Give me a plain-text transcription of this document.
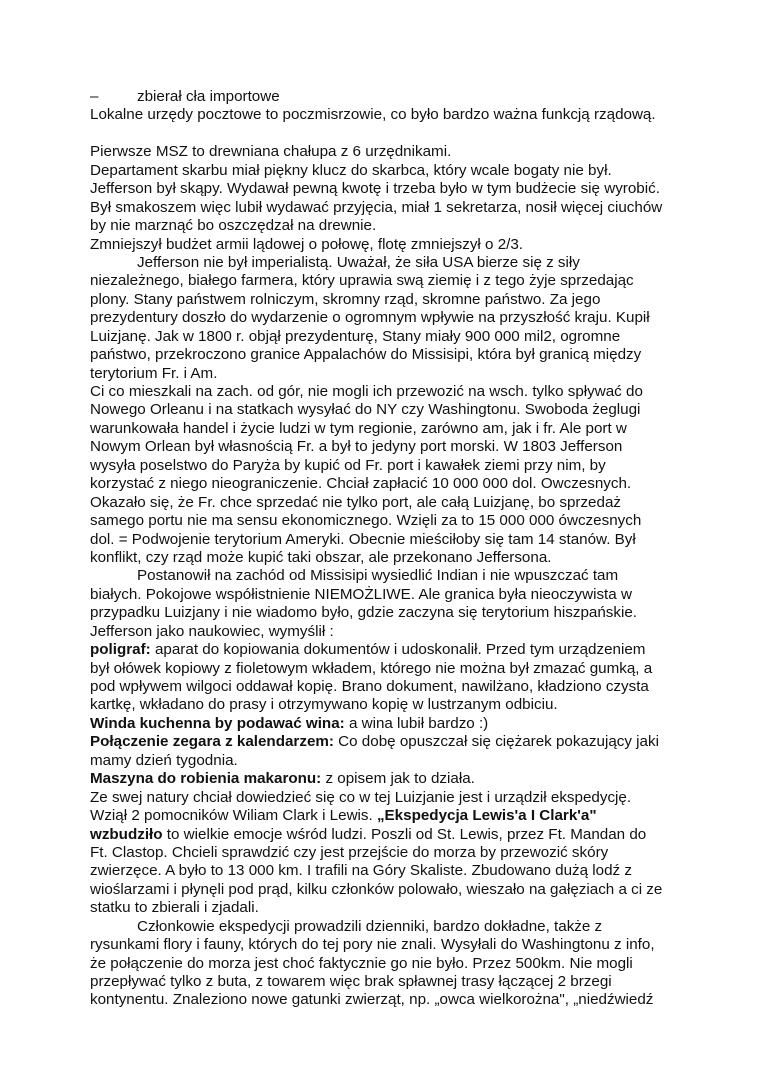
–	zbierał cła importowe
Lokalne urzędy pocztowe to poczmisrzowie, co było bardzo ważna funkcją rządową.
Pierwsze MSZ to drewniana chałupa z 6 urzędnikami.
Departament skarbu miał piękny klucz do skarbca, który wcale bogaty nie był.
Jefferson był skąpy. Wydawał pewną kwotę i trzeba było w tym budżecie się wyrobić.
Był smakoszem więc lubił wydawać przyjęcia, miał 1 sekretarza, nosił więcej ciuchów
by nie marznąć bo oszczędzał na drewnie.
Zmniejszył budżet armii lądowej o połowę, flotę zmniejszył o 2/3.
Jefferson nie był imperialistą. Uważał, że siła USA bierze się z siły
niezależnego, białego farmera, który uprawia swą ziemię i z tego żyje sprzedając
plony. Stany państwem rolniczym, skromny rząd, skromne państwo. Za jego
prezydentury doszło do wydarzenie o ogromnym wpływie na przyszłość kraju. Kupił
Luizjanę. Jak w 1800 r. objął prezydenturę, Stany miały 900 000 mil2, ogromne
państwo, przekroczono granice Appalachów do Missisipi, która był granicą między
terytorium Fr. i Am.
Ci co mieszkali na zach. od gór, nie mogli ich przewozić na wsch. tylko spływać do
Nowego Orleanu i na statkach wysyłać do NY czy Washingtonu. Swoboda żeglugi
warunkowała handel i życie ludzi w tym regionie, zarówno am, jak i fr. Ale port w
Nowym Orlean był własnością Fr. a był to jedyny port morski. W 1803 Jefferson
wysyła poselstwo do Paryża by kupić od Fr. port i kawałek ziemi przy nim, by
korzystać z niego nieograniczenie. Chciał zapłacić 10 000 000 dol. Owczesnych.
Okazało się, że Fr. chce sprzedać nie tylko port, ale całą Luizjanę, bo sprzedaż
samego portu nie ma sensu ekonomicznego. Wzięli za to 15 000 000 ówczesnych
dol. = Podwojenie terytorium Ameryki. Obecnie mieściłoby się tam 14 stanów. Był
konflikt, czy rząd może kupić taki obszar, ale przekonano Jeffersona.
Postanowił na zachód od Missisipi wysiedlić Indian i nie wpuszczać tam
białych. Pokojowe współistnienie NIEMOŻLIWE. Ale granica była nieoczywista w
przypadku Luizjany i nie wiadomo było, gdzie zaczyna się terytorium hiszpańskie.
Jefferson jako naukowiec, wymyślił :
poligraf: aparat do kopiowania dokumentów i udoskonalił. Przed tym urządzeniem
był ołówek kopiowy z fioletowym wkładem, którego nie można był zmazać gumką, a
pod wpływem wilgoci oddawał kopię. Brano dokument, nawilżano, kładziono czysta
kartkę, wkładano do prasy i otrzymywano kopię w lustrzanym odbiciu.
Winda kuchenna by podawać wina: a wina lubił bardzo :)
Połączenie zegara z kalendarzem: Co dobę opuszczał się ciężarek pokazujący jaki
mamy dzień tygodnia.
Maszyna do robienia makaronu: z opisem jak to działa.
Ze swej natury chciał dowiedzieć się co w tej Luizjanie jest i urządził ekspedycję.
Wziął 2 pomocników Wiliam Clark i Lewis. „Ekspedycja Lewis'a I Clark'a"
wzbudziło to wielkie emocje wśród ludzi. Poszli od St. Lewis, przez Ft. Mandan do
Ft. Clastop. Chcieli sprawdzić czy jest przejście do morza by przewozić skóry
zwierzęce. A było to 13 000 km. I trafili na Góry Skaliste. Zbudowano dużą lodź z
wioślarzami i płynęli pod prąd, kilku członków polowało, wieszało na gałęziach a ci ze
statku to zbierali i zjadali.
Członkowie ekspedycji prowadzili dzienniki, bardzo dokładne, także z
rysunkami flory i fauny, których do tej pory nie znali. Wysyłali do Washingtonu z info,
że połączenie do morza jest choć faktycznie go nie było. Przez 500km. Nie mogli
przepływać tylko z buta, z towarem więc brak spławnej trasy łączącej 2 brzegi
kontynentu. Znaleziono nowe gatunki zwierząt, np. „owca wielkorożna", „niedźwiedź
